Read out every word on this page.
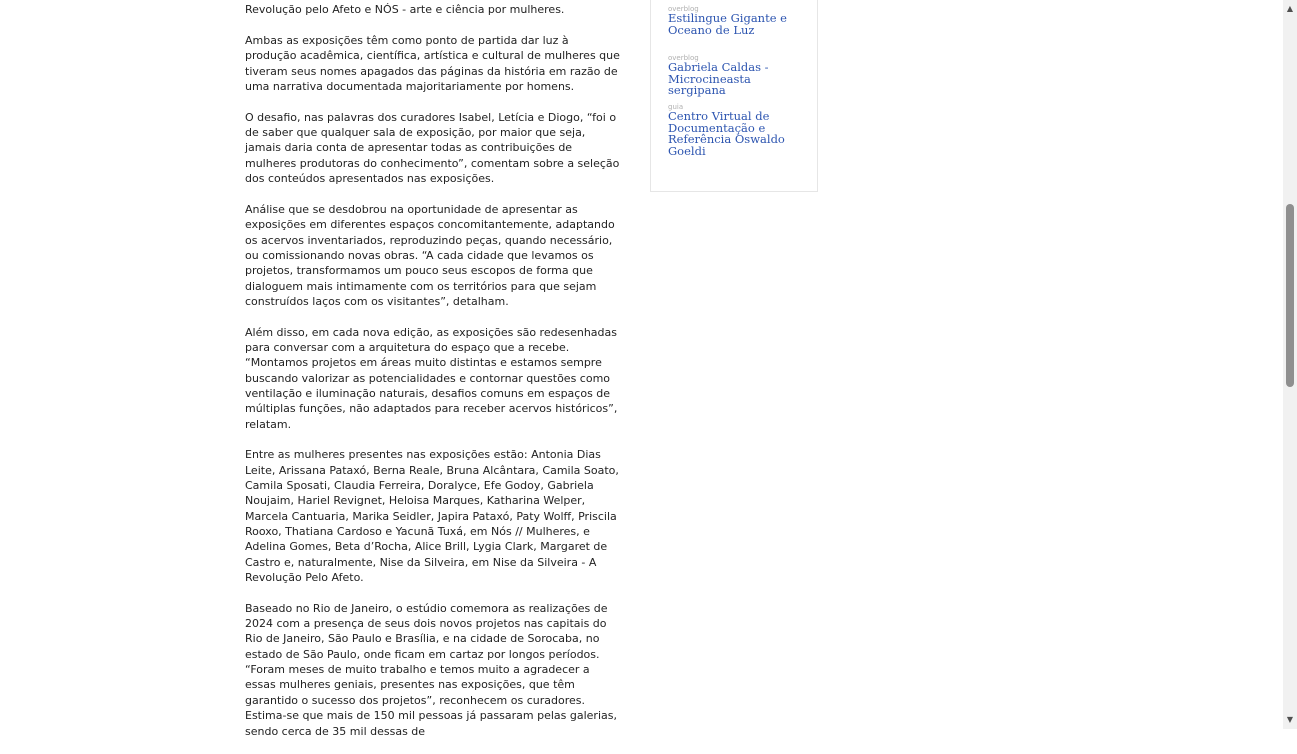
Revolução pelo Afeto e NÓS - arte e ciência por mulheres.

Ambas as exposições têm como ponto de partida dar luz à produção acadêmica, científica, artística e cultural de mulheres que tiveram seus nomes apagados das páginas da história em razão de uma narrativa documentada majoritariamente por homens.

O desafio, nas palavras dos curadores Isabel, Letícia e Diogo, “foi o de saber que qualquer sala de exposição, por maior que seja, jamais daria conta de apresentar todas as contribuições de mulheres produtoras do conhecimento”, comentam sobre a seleção dos conteúdos apresentados nas exposições.

Análise que se desdobrou na oportunidade de apresentar as exposições em diferentes espaços concomitantemente, adaptando os acervos inventariados, reproduzindo peças, quando necessário, ou comissionando novas obras. “A cada cidade que levamos os projetos, transformamos um pouco seus escopos de forma que dialoguem mais intimamente com os territórios para que sejam construídos laços com os visitantes”, detalham.

Além disso, em cada nova edição, as exposições são redesenhadas para conversar com a arquitetura do espaço que a recebe. “Montamos projetos em áreas muito distintas e estamos sempre buscando valorizar as potencialidades e contornar questões como ventilação e iluminação naturais, desafios comuns em espaços de múltiplas funções, não adaptados para receber acervos históricos”, relatam.

Entre as mulheres presentes nas exposições estão: Antonia Dias Leite, Arissana Pataxó, Berna Reale, Bruna Alcântara, Camila Soato, Camila Sposati, Claudia Ferreira, Doralyce, Efe Godoy, Gabriela Noujaim, Hariel Revignet, Heloisa Marques, Katharina Welper, Marcela Cantuaria, Marika Seidler, Japira Pataxó, Paty Wolff, Priscila Rooxo, Thatiana Cardoso e Yacunã Tuxá, em Nós // Mulheres, e Adelina Gomes, Beta d’Rocha, Alice Brill, Lygia Clark, Margaret de Castro e, naturalmente, Nise da Silveira, em Nise da Silveira - A Revolução Pelo Afeto.

Baseado no Rio de Janeiro, o estúdio comemora as realizações de 2024 com a presença de seus dois novos projetos nas capitais do Rio de Janeiro, São Paulo e Brasília, e na cidade de Sorocaba, no estado de São Paulo, onde ficam em cartaz por longos períodos. “Foram meses de muito trabalho e temos muito a agradecer a essas mulheres geniais, presentes nas exposições, que têm garantido o sucesso dos projetos”, reconhecem os curadores. Estima-se que mais de 150 mil pessoas já passaram pelas galerias, sendo cerca de 35 mil dessas de

overblog
Estilingue Gigante e Oceano de Luz
overblog
Gabriela Caldas - Microcineasta sergipana
guia
Centro Virtual de Documentação e Referência Oswaldo Goeldi
▲
▼
